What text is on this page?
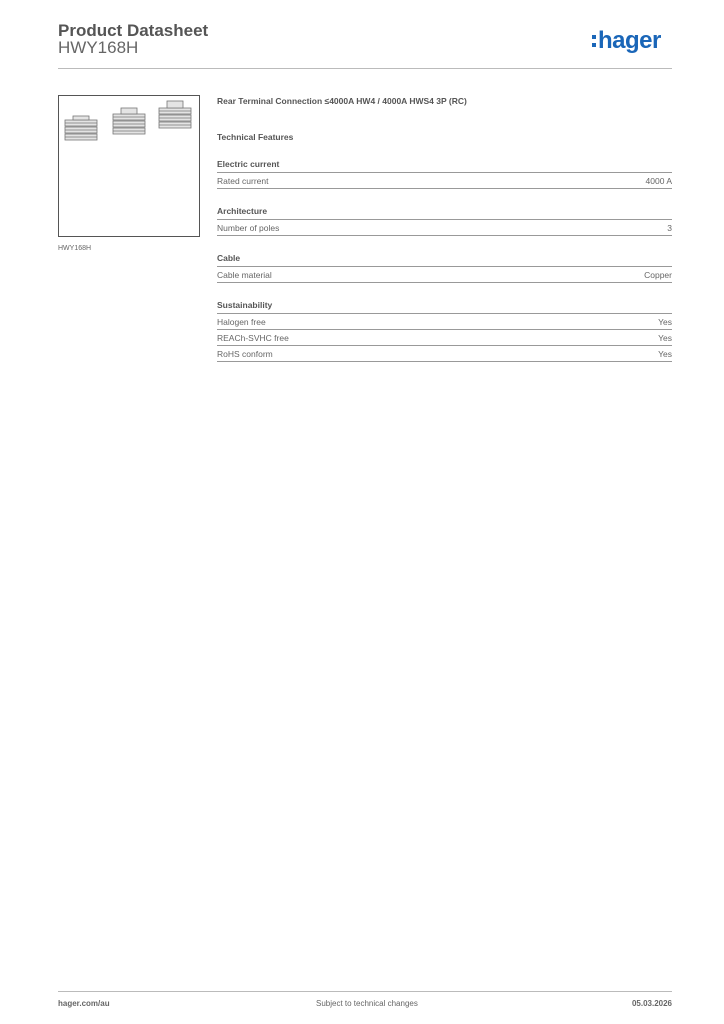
Product Datasheet
HWY168H	hager
HWY168H
Rear Terminal Connection ≤4000A HW4 / 4000A HWS4 3P (RC)
Technical Features
Electric current
Rated current	4000 A
Architecture
Number of poles	3
Cable
Cable material	Copper
Sustainability
Halogen free	Yes
REACh-SVHC free	Yes
RoHS conform	Yes
hager.com/au	Subject to technical changes	05.03.2026
